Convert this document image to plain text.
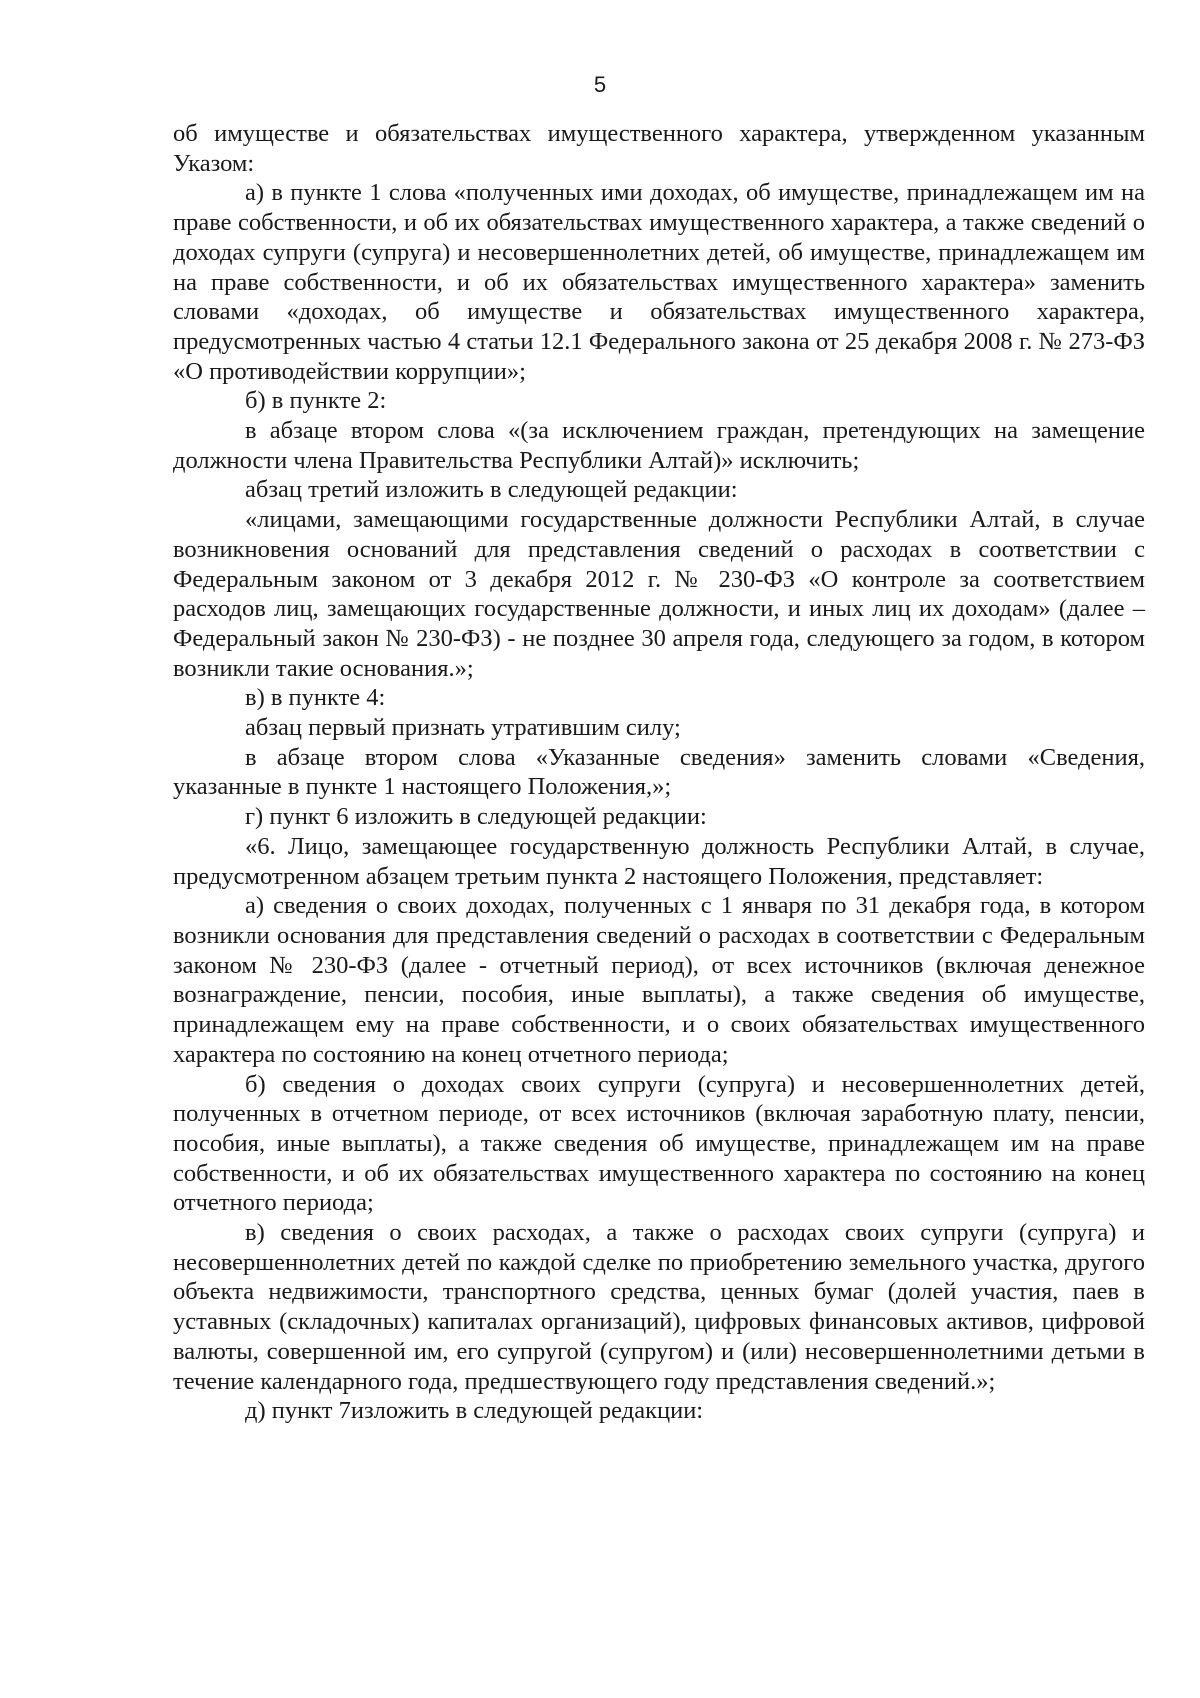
5

об имуществе и обязательствах имущественного характера, утвержденном указанным Указом:

а) в пункте 1 слова «полученных ими доходах, об имуществе, принадлежащем им на праве собственности, и об их обязательствах имущественного характера, а также сведений о доходах супруги (супруга) и несовершеннолетних детей, об имуществе, принадлежащем им на праве собственности, и об их обязательствах имущественного характера» заменить словами «доходах, об имуществе и обязательствах имущественного характера, предусмотренных частью 4 статьи 12.1 Федерального закона от 25 декабря 2008 г. № 273-ФЗ «О противодействии коррупции»;

б) в пункте 2:

в абзаце втором слова «(за исключением граждан, претендующих на замещение должности члена Правительства Республики Алтай)» исключить;

абзац третий изложить в следующей редакции:

«лицами, замещающими государственные должности Республики Алтай, в случае возникновения оснований для представления сведений о расходах в соответствии с Федеральным законом от 3 декабря 2012 г. № 230-ФЗ «О контроле за соответствием расходов лиц, замещающих государственные должности, и иных лиц их доходам» (далее – Федеральный закон № 230-ФЗ) - не позднее 30 апреля года, следующего за годом, в котором возникли такие основания.»;

в) в пункте 4:

абзац первый признать утратившим силу;

в абзаце втором слова «Указанные сведения» заменить словами «Сведения, указанные в пункте 1 настоящего Положения,»;

г) пункт 6 изложить в следующей редакции:

«6. Лицо, замещающее государственную должность Республики Алтай, в случае, предусмотренном абзацем третьим пункта 2 настоящего Положения, представляет:

а) сведения о своих доходах, полученных с 1 января по 31 декабря года, в котором возникли основания для представления сведений о расходах в соответствии с Федеральным законом № 230-ФЗ (далее - отчетный период), от всех источников (включая денежное вознаграждение, пенсии, пособия, иные выплаты), а также сведения об имуществе, принадлежащем ему на праве собственности, и о своих обязательствах имущественного характера по состоянию на конец отчетного периода;

б) сведения о доходах своих супруги (супруга) и несовершеннолетних детей, полученных в отчетном периоде, от всех источников (включая заработную плату, пенсии, пособия, иные выплаты), а также сведения об имуществе, принадлежащем им на праве собственности, и об их обязательствах имущественного характера по состоянию на конец отчетного периода;

в) сведения о своих расходах, а также о расходах своих супруги (супруга) и несовершеннолетних детей по каждой сделке по приобретению земельного участка, другого объекта недвижимости, транспортного средства, ценных бумаг (долей участия, паев в уставных (складочных) капиталах организаций), цифровых финансовых активов, цифровой валюты, совершенной им, его супругой (супругом) и (или) несовершеннолетними детьми в течение календарного года, предшествующего году представления сведений.»;

д) пункт 7изложить в следующей редакции:
